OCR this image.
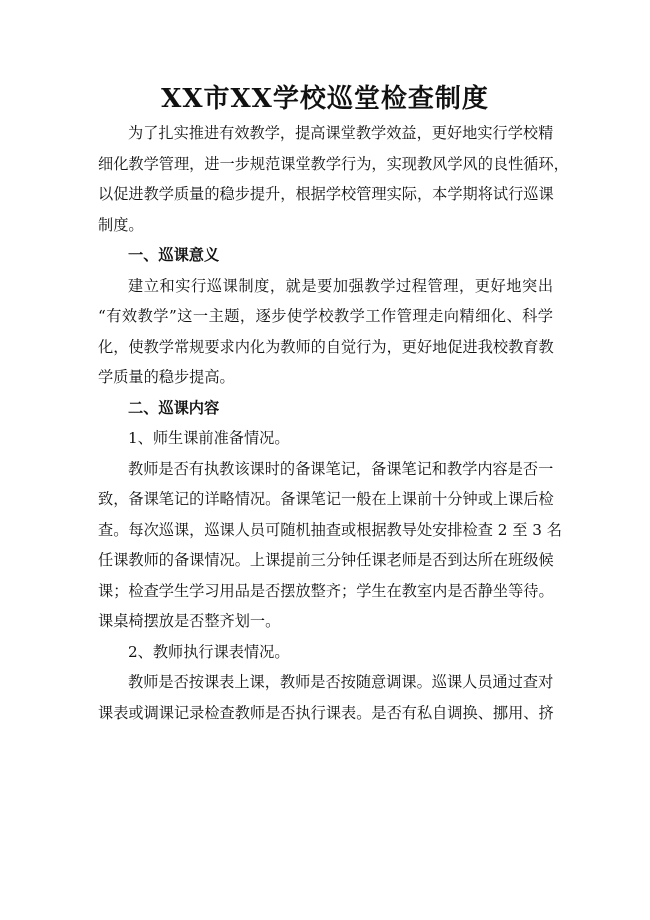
XX市XX学校巡堂检查制度
为了扎实推进有效教学，提高课堂教学效益，更好地实行学校精
细化教学管理，进一步规范课堂教学行为，实现教风学风的良性循环，
以促进教学质量的稳步提升，根据学校管理实际，本学期将试行巡课
制度。
一、巡课意义
建立和实行巡课制度，就是要加强教学过程管理，更好地突出
“有效教学”这一主题，逐步使学校教学工作管理走向精细化、科学
化，使教学常规要求内化为教师的自觉行为，更好地促进我校教育教
学质量的稳步提高。
二、巡课内容
1、师生课前准备情况。
教师是否有执教该课时的备课笔记，备课笔记和教学内容是否一
致，备课笔记的详略情况。备课笔记一般在上课前十分钟或上课后检
查。每次巡课，巡课人员可随机抽查或根据教导处安排检查 2 至 3 名
任课教师的备课情况。上课提前三分钟任课老师是否到达所在班级候
课；检查学生学习用品是否摆放整齐；学生在教室内是否静坐等待。
课桌椅摆放是否整齐划一。
2、教师执行课表情况。
教师是否按课表上课，教师是否按随意调课。巡课人员通过查对
课表或调课记录检查教师是否执行课表。是否有私自调换、挪用、挤
